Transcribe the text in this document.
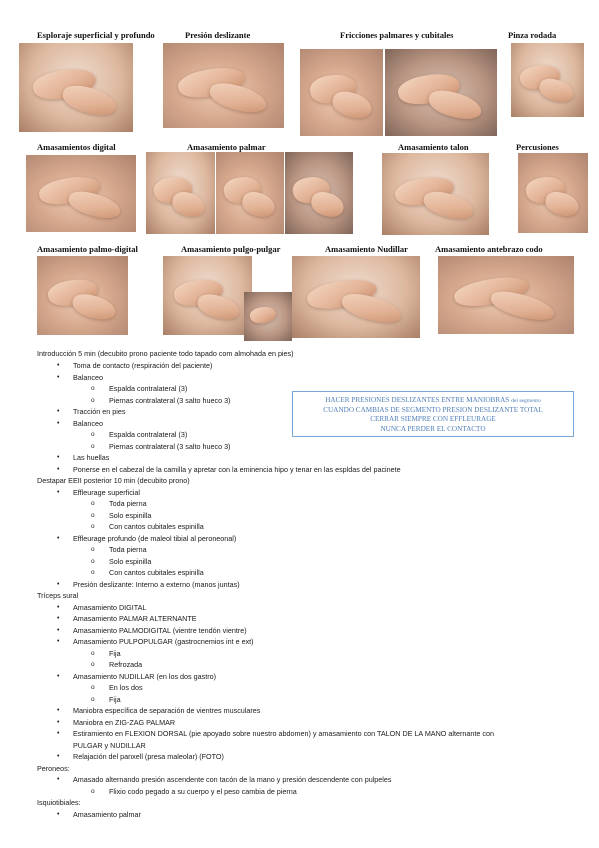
Esploraje superficial y profundo	Presión deslizante	Fricciones palmares y cubitales	Pinza rodada
Amasamientos digital	Amasamiento palmar	Amasamiento talon	Percusiones
Amasamiento palmo-digital	Amasamiento pulgo-pulgar	Amasamiento Nudillar	Amasamiento antebrazo codo
HACER PRESIONES DESLIZANTES ENTRE MANIOBRAS del segmento
CUANDO CAMBIAS DE SEGMENTO PRESION DESLIZANTE TOTAL
CERRAR SIEMPRE CON EFFLEURAGE
NUNCA PERDER EL CONTACTO
Introducción 5 min (decubito prono paciente todo tapado com almohada en pies)
• Toma de contacto (respiración del paciente)
• Balanceo
o Espalda contralateral (3)
o Piernas contralateral (3 salto hueco 3)
• Tracción en pies
• Balanceo
o Espalda contralateral (3)
o Piernas contralateral (3 salto hueco 3)
• Las huellas
• Ponerse en el cabezal de la camilla y apretar con la eminencia hipo y tenar en las espldas del pacinete
Destapar EEII posterior 10 min (decubito prono)
• Effleurage superficial
o Toda pierna
o Solo espinilla
o Con cantos cubitales espinilla
• Effleurage profundo (de maleol tibial al peroneonal)
o Toda pierna
o Solo espinilla
o Con cantos cubitales espinilla
• Presión deslizante: Interno a externo (manos juntas)
Tríceps sural
• Amasamiento DIGITAL
• Amasamiento PALMAR ALTERNANTE
• Amasamiento PALMODIGITAL (vientre tendón vientre)
• Amasamiento PULPOPULGAR (gastrocnemios int e ext)
o Fija
o Refrozada
• Amasamiento NUDILLAR (en los dos gastro)
o En los dos
o Fija
• Maniobra específica de separación de vientres musculares
• Maniobra en ZIG-ZAG PALMAR
• Estiramiento en FLEXION DORSAL (pie apoyado sobre nuestro abdomen) y amasamiento con TALON DE LA MANO alternante con
PULGAR y NUDILLAR
• Relajación del panxell (presa maleolar) (FOTO)
Peroneos:
• Amasado alternando presión ascendente con tacón de la mano y presión descendente con pulpeles
o Flixio codo pegado a su cuerpo y el peso cambia de pierna
Isquiotibiales:
• Amasamiento palmar
